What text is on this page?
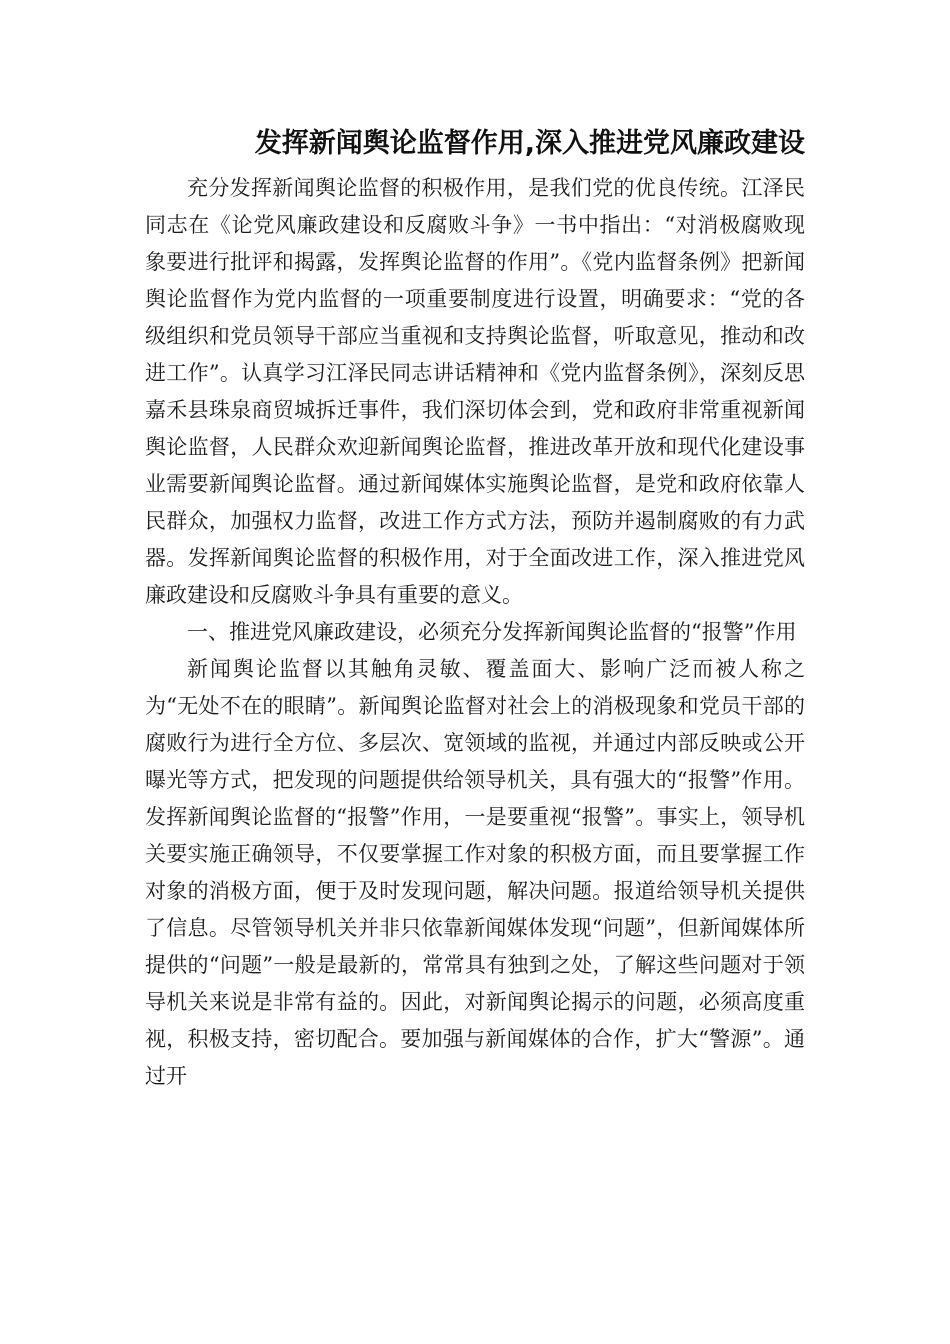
发挥新闻舆论监督作用,深入推进党风廉政建设

充分发挥新闻舆论监督的积极作用，是我们党的优良传统。江泽民同志在《论党风廉政建设和反腐败斗争》一书中指出：“对消极腐败现象要进行批评和揭露，发挥舆论监督的作用”。《党内监督条例》把新闻舆论监督作为党内监督的一项重要制度进行设置，明确要求：“党的各级组织和党员领导干部应当重视和支持舆论监督，听取意见，推动和改进工作”。认真学习江泽民同志讲话精神和《党内监督条例》，深刻反思嘉禾县珠泉商贸城拆迁事件，我们深切体会到，党和政府非常重视新闻舆论监督，人民群众欢迎新闻舆论监督，推进改革开放和现代化建设事业需要新闻舆论监督。通过新闻媒体实施舆论监督，是党和政府依靠人民群众，加强权力监督，改进工作方式方法，预防并遏制腐败的有力武器。发挥新闻舆论监督的积极作用，对于全面改进工作，深入推进党风廉政建设和反腐败斗争具有重要的意义。

一、推进党风廉政建设，必须充分发挥新闻舆论监督的“报警”作用

新闻舆论监督以其触角灵敏、覆盖面大、影响广泛而被人称之为“无处不在的眼睛”。新闻舆论监督对社会上的消极现象和党员干部的腐败行为进行全方位、多层次、宽领域的监视，并通过内部反映或公开曝光等方式，把发现的问题提供给领导机关，具有强大的“报警”作用。发挥新闻舆论监督的“报警”作用，一是要重视“报警”。事实上，领导机关要实施正确领导，不仅要掌握工作对象的积极方面，而且要掌握工作对象的消极方面，便于及时发现问题，解决问题。报道给领导机关提供了信息。尽管领导机关并非只依靠新闻媒体发现“问题”，但新闻媒体所提供的“问题”一般是最新的，常常具有独到之处，了解这些问题对于领导机关来说是非常有益的。因此，对新闻舆论揭示的问题，必须高度重视，积极支持，密切配合。要加强与新闻媒体的合作，扩大“警源”。通过开
